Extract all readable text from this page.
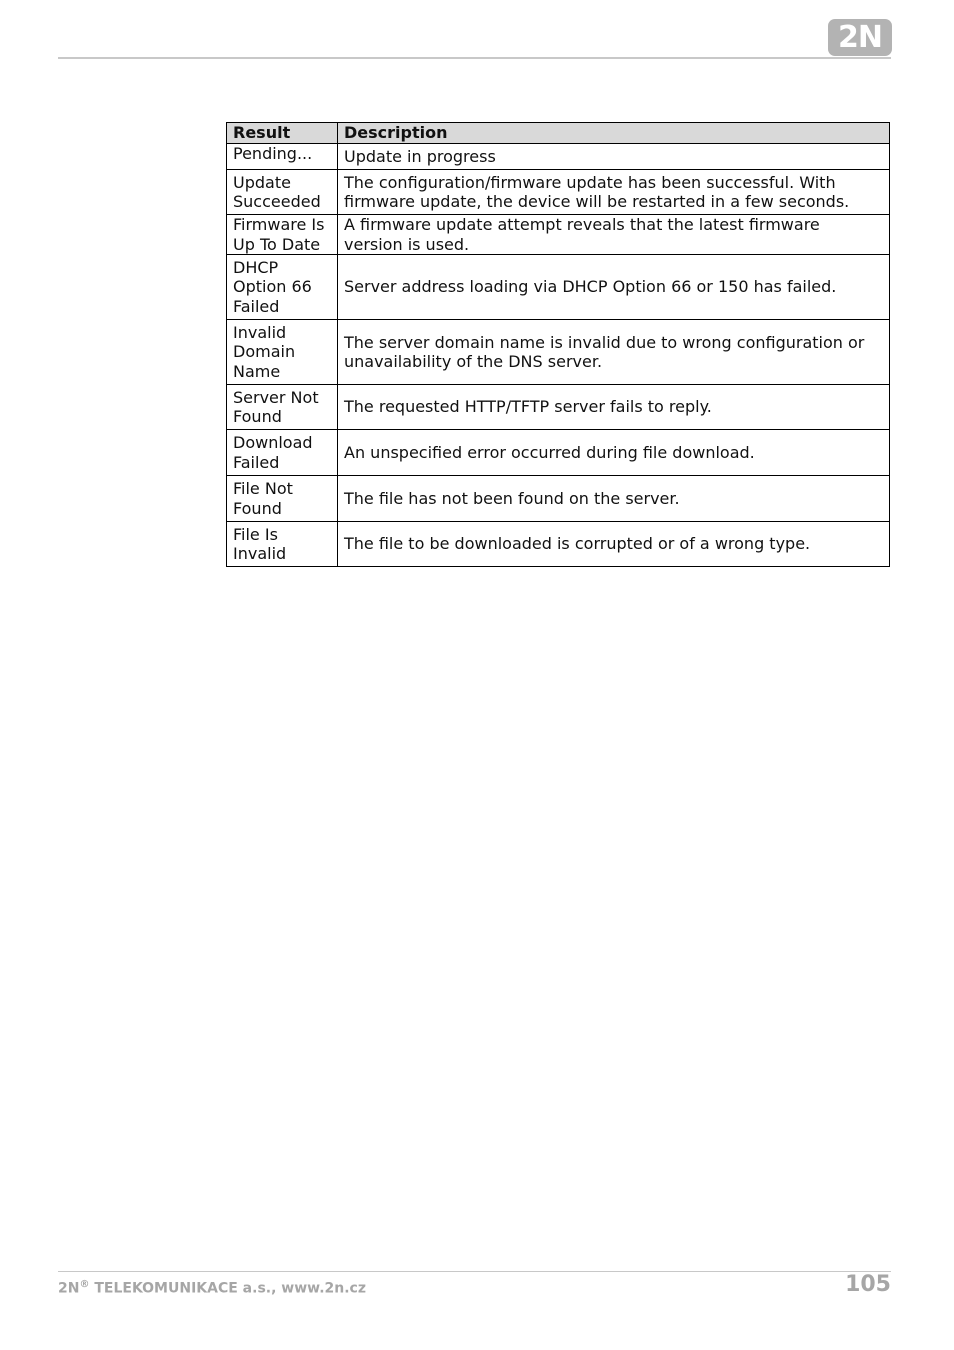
2N
Result	Description
Pending...	Update in progress
Update Succeeded	The configuration/firmware update has been successful. With firmware update, the device will be restarted in a few seconds.
Firmware Is Up To Date	A firmware update attempt reveals that the latest firmware version is used.
DHCP Option 66 Failed	Server address loading via DHCP Option 66 or 150 has failed.
Invalid Domain Name	The server domain name is invalid due to wrong configuration or unavailability of the DNS server.
Server Not Found	The requested HTTP/TFTP server fails to reply.
Download Failed	An unspecified error occurred during file download.
File Not Found	The file has not been found on the server.
File Is Invalid	The file to be downloaded is corrupted or of a wrong type.
2N® TELEKOMUNIKACE a.s., www.2n.cz	105
